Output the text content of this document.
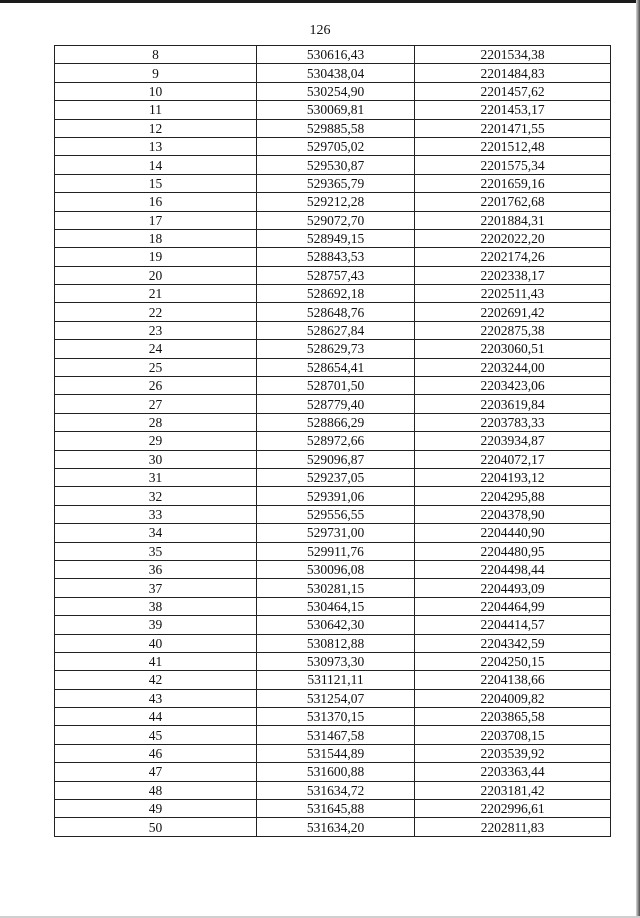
126
8	530616,43	2201534,38
9	530438,04	2201484,83
10	530254,90	2201457,62
11	530069,81	2201453,17
12	529885,58	2201471,55
13	529705,02	2201512,48
14	529530,87	2201575,34
15	529365,79	2201659,16
16	529212,28	2201762,68
17	529072,70	2201884,31
18	528949,15	2202022,20
19	528843,53	2202174,26
20	528757,43	2202338,17
21	528692,18	2202511,43
22	528648,76	2202691,42
23	528627,84	2202875,38
24	528629,73	2203060,51
25	528654,41	2203244,00
26	528701,50	2203423,06
27	528779,40	2203619,84
28	528866,29	2203783,33
29	528972,66	2203934,87
30	529096,87	2204072,17
31	529237,05	2204193,12
32	529391,06	2204295,88
33	529556,55	2204378,90
34	529731,00	2204440,90
35	529911,76	2204480,95
36	530096,08	2204498,44
37	530281,15	2204493,09
38	530464,15	2204464,99
39	530642,30	2204414,57
40	530812,88	2204342,59
41	530973,30	2204250,15
42	531121,11	2204138,66
43	531254,07	2204009,82
44	531370,15	2203865,58
45	531467,58	2203708,15
46	531544,89	2203539,92
47	531600,88	2203363,44
48	531634,72	2203181,42
49	531645,88	2202996,61
50	531634,20	2202811,83
